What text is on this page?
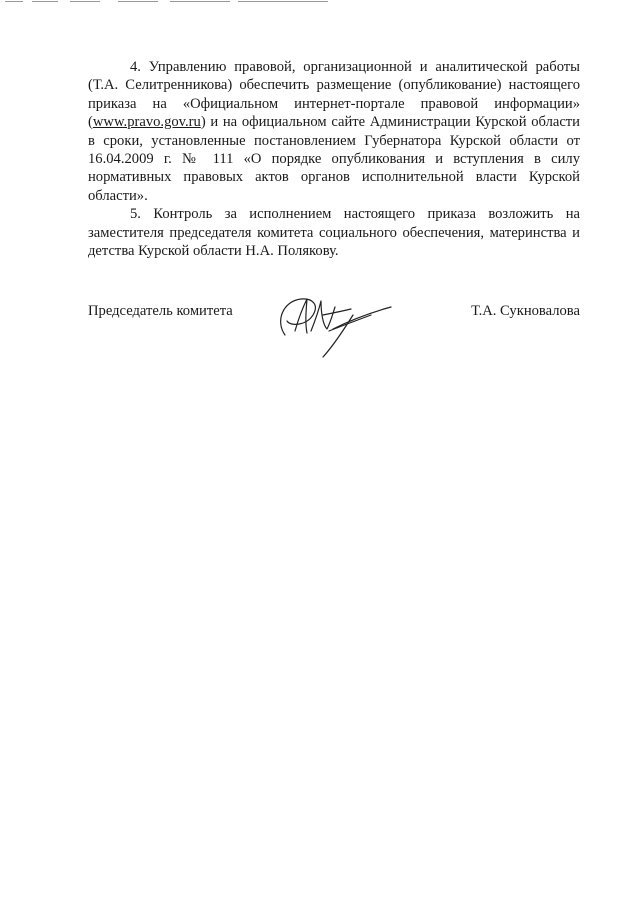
4. Управлению правовой, организационной и аналитической работы (Т.А. Селитренникова) обеспечить размещение (опубликование) настоящего приказа на «Официальном интернет-портале правовой информации» (www.pravo.gov.ru) и на официальном сайте Администрации Курской области в сроки, установленные постановлением Губернатора Курской области от 16.04.2009 г. № 111 «О порядке опубликования и вступления в силу нормативных правовых актов органов исполнительной власти Курской области».

5. Контроль за исполнением настоящего приказа возложить на заместителя председателя комитета социального обеспечения, материнства и детства Курской области Н.А. Полякову.

Председатель комитета	Т.А. Сукновалова
